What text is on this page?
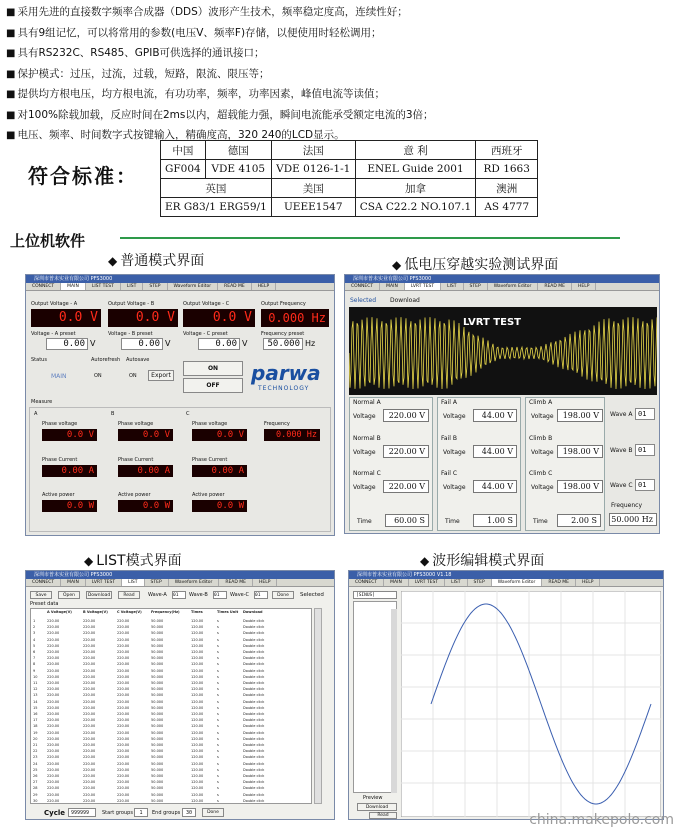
■ 采用先进的直接数字频率合成器（DDS）波形产生技术，频率稳定度高，连续性好；
■ 具有9组记忆，可以将常用的参数(电压V、频率F)存储，以便使用时轻松调用；
■ 具有RS232C、RS485、GPIB可供选择的通讯接口；
■ 保护模式：过压，过流，过载，短路，限流、限压等；
■ 提供均方根电压，均方根电流，有功功率，频率，功率因素，峰值电流等读值；
■ 对100%除载加载，反应时间在2ms以内，超载能力强，瞬间电流能承受额定电流的3倍；
■ 电压、频率、时间数字式按键输入，精确度高，320 240的LCD显示。
符合标准：
中国	德国	法国	意 利	西班牙
GF004	VDE 4105	VDE 0126-1-1	ENEL Guide 2001	RD 1663
英国		美国	加拿	澳洲
ER G83/1 ERG59/1		UEEE1547	CSA C22.2 NO.107.1	AS 4777
上位机软件
◆ 普通模式界面	◆ 低电压穿越实验测试界面
◆ LIST模式界面	◆ 波形编辑模式界面
深圳市普未实业有限公司 PFS3000
CONNECT	MAIN	LIST TEST	LIST	STEP	Waveform Editor	READ ME	HELP
Output Voltage - A	Output Voltage - B	Output Voltage - C	Output Frequency
0.0 V	0.0 V	0.0 V	0.000 Hz
Voltage - A preset	Voltage - B preset	Voltage - C preset	Frequency preset
0.00 V	0.00 V	0.00 V	50.000 Hz
Status
MAIN
Autorefresh
ON
Autosave
ON	Export
ON
OFF
parwa
TECHNOLOGY
Measure
A	B	C
Phase voltage	Phase voltage	Phase voltage	Frequency
0.0 V	0.0 V	0.0 V	0.000 Hz
Phase Current	Phase Current	Phase Current
0.00 A	0.00 A	0.00 A
Active power	Active power	Active power
0.0 W	0.0 W	0.0 W
深圳市普未实业有限公司 PFS3000
CONNECT	MAIN	LVRT TEST	LIST	STEP	Waveform Editor	READ ME	HELP
Selected Download
LVRT TEST
Normal A
Voltage	220.00 V
Normal B
Voltage	220.00 V
Normal C
Voltage	220.00 V
Time	60.00 S
Fail A
Voltage	44.00 V
Fail B
Voltage	44.00 V
Fail C
Voltage	44.00 V
Time	1.00 S
Climb A
Voltage	198.00 V
Climb B
Voltage	198.00 V
Climb C
Voltage	198.00 V
Time	2.00 S
Wave A 01
Wave B 01
Wave C 01
Frequency
50.000 Hz
深圳市普未实业有限公司 PFS3000
CONNECT	MAIN	LVRT TEST	LIST	STEP	Waveform Editor	READ ME	HELP
Save	Open	Download	Read	Wave-A 01	Wave-B 01	Wave-C 01	Done	Selected
Preset data
A Voltage(V)	B Voltage(V)	C Voltage(V)	Frequency(Hz)	Times	Times Unit Download
1	220.00	220.00	220.00	50.000	120.00	s	Double click
2	220.00	220.00	220.00	50.000	120.00	s	Double click
3	220.00	220.00	220.00	50.000	120.00	s	Double click
4	220.00	220.00	220.00	50.000	120.00	s	Double click
5	220.00	220.00	220.00	50.000	120.00	s	Double click
6	220.00	220.00	220.00	50.000	120.00	s	Double click
7	220.00	220.00	220.00	50.000	120.00	s	Double click
8	220.00	220.00	220.00	50.000	120.00	s	Double click
9	220.00	220.00	220.00	50.000	120.00	s	Double click
10	220.00	220.00	220.00	50.000	120.00	s	Double click
11	220.00	220.00	220.00	50.000	120.00	s	Double click
12	220.00	220.00	220.00	50.000	120.00	s	Double click
13	220.00	220.00	220.00	50.000	120.00	s	Double click
14	220.00	220.00	220.00	50.000	120.00	s	Double click
15	220.00	220.00	220.00	50.000	120.00	s	Double click
16	220.00	220.00	220.00	50.000	120.00	s	Double click
17	220.00	220.00	220.00	50.000	120.00	s	Double click
18	220.00	220.00	220.00	50.000	120.00	s	Double click
19	220.00	220.00	220.00	50.000	120.00	s	Double click
20	220.00	220.00	220.00	50.000	120.00	s	Double click
21	220.00	220.00	220.00	50.000	120.00	s	Double click
22	220.00	220.00	220.00	50.000	120.00	s	Double click
23	220.00	220.00	220.00	50.000	120.00	s	Double click
24	220.00	220.00	220.00	50.000	120.00	s	Double click
25	220.00	220.00	220.00	50.000	120.00	s	Double click
26	220.00	220.00	220.00	50.000	120.00	s	Double click
27	220.00	220.00	220.00	50.000	120.00	s	Double click
28	220.00	220.00	220.00	50.000	120.00	s	Double click
29	220.00	220.00	220.00	50.000	120.00	s	Double click
30	220.00	220.00	220.00	50.000	120.00	s	Double click
Cycle	999999	Start groups	1	End groups	30	Done
深圳市普未实业有限公司 PFS3000 V1.18
CONNECT	MAIN	LVRT TEST	LIST	STEP	Waveform Editor	READ ME	HELP
[SINUS]
Preview
Download
Read	china.makepolo.com
